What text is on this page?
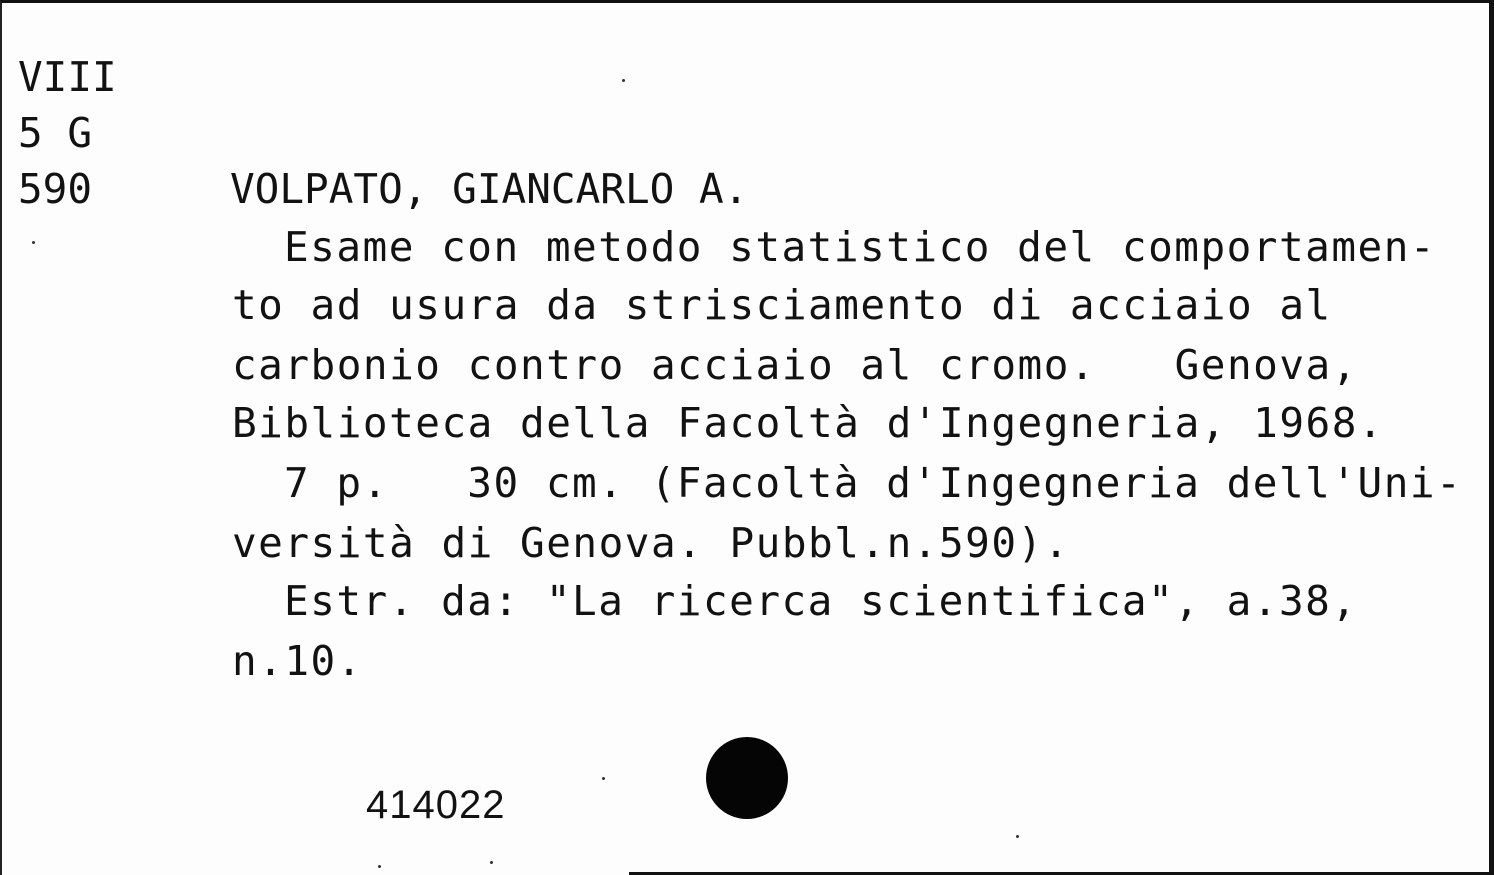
VIII
5 G
590	VOLPATO, GIANCARLO A.
Esame con metodo statistico del comportamen-
to ad usura da strisciamento di acciaio al
carbonio contro acciaio al cromo.   Genova,
Biblioteca della Facoltà d'Ingegneria, 1968.
7 p.   30 cm. (Facoltà d'Ingegneria dell'Uni-
versità di Genova. Pubbl.n.590).
Estr. da: "La ricerca scientifica", a.38,
n.10.
414022
